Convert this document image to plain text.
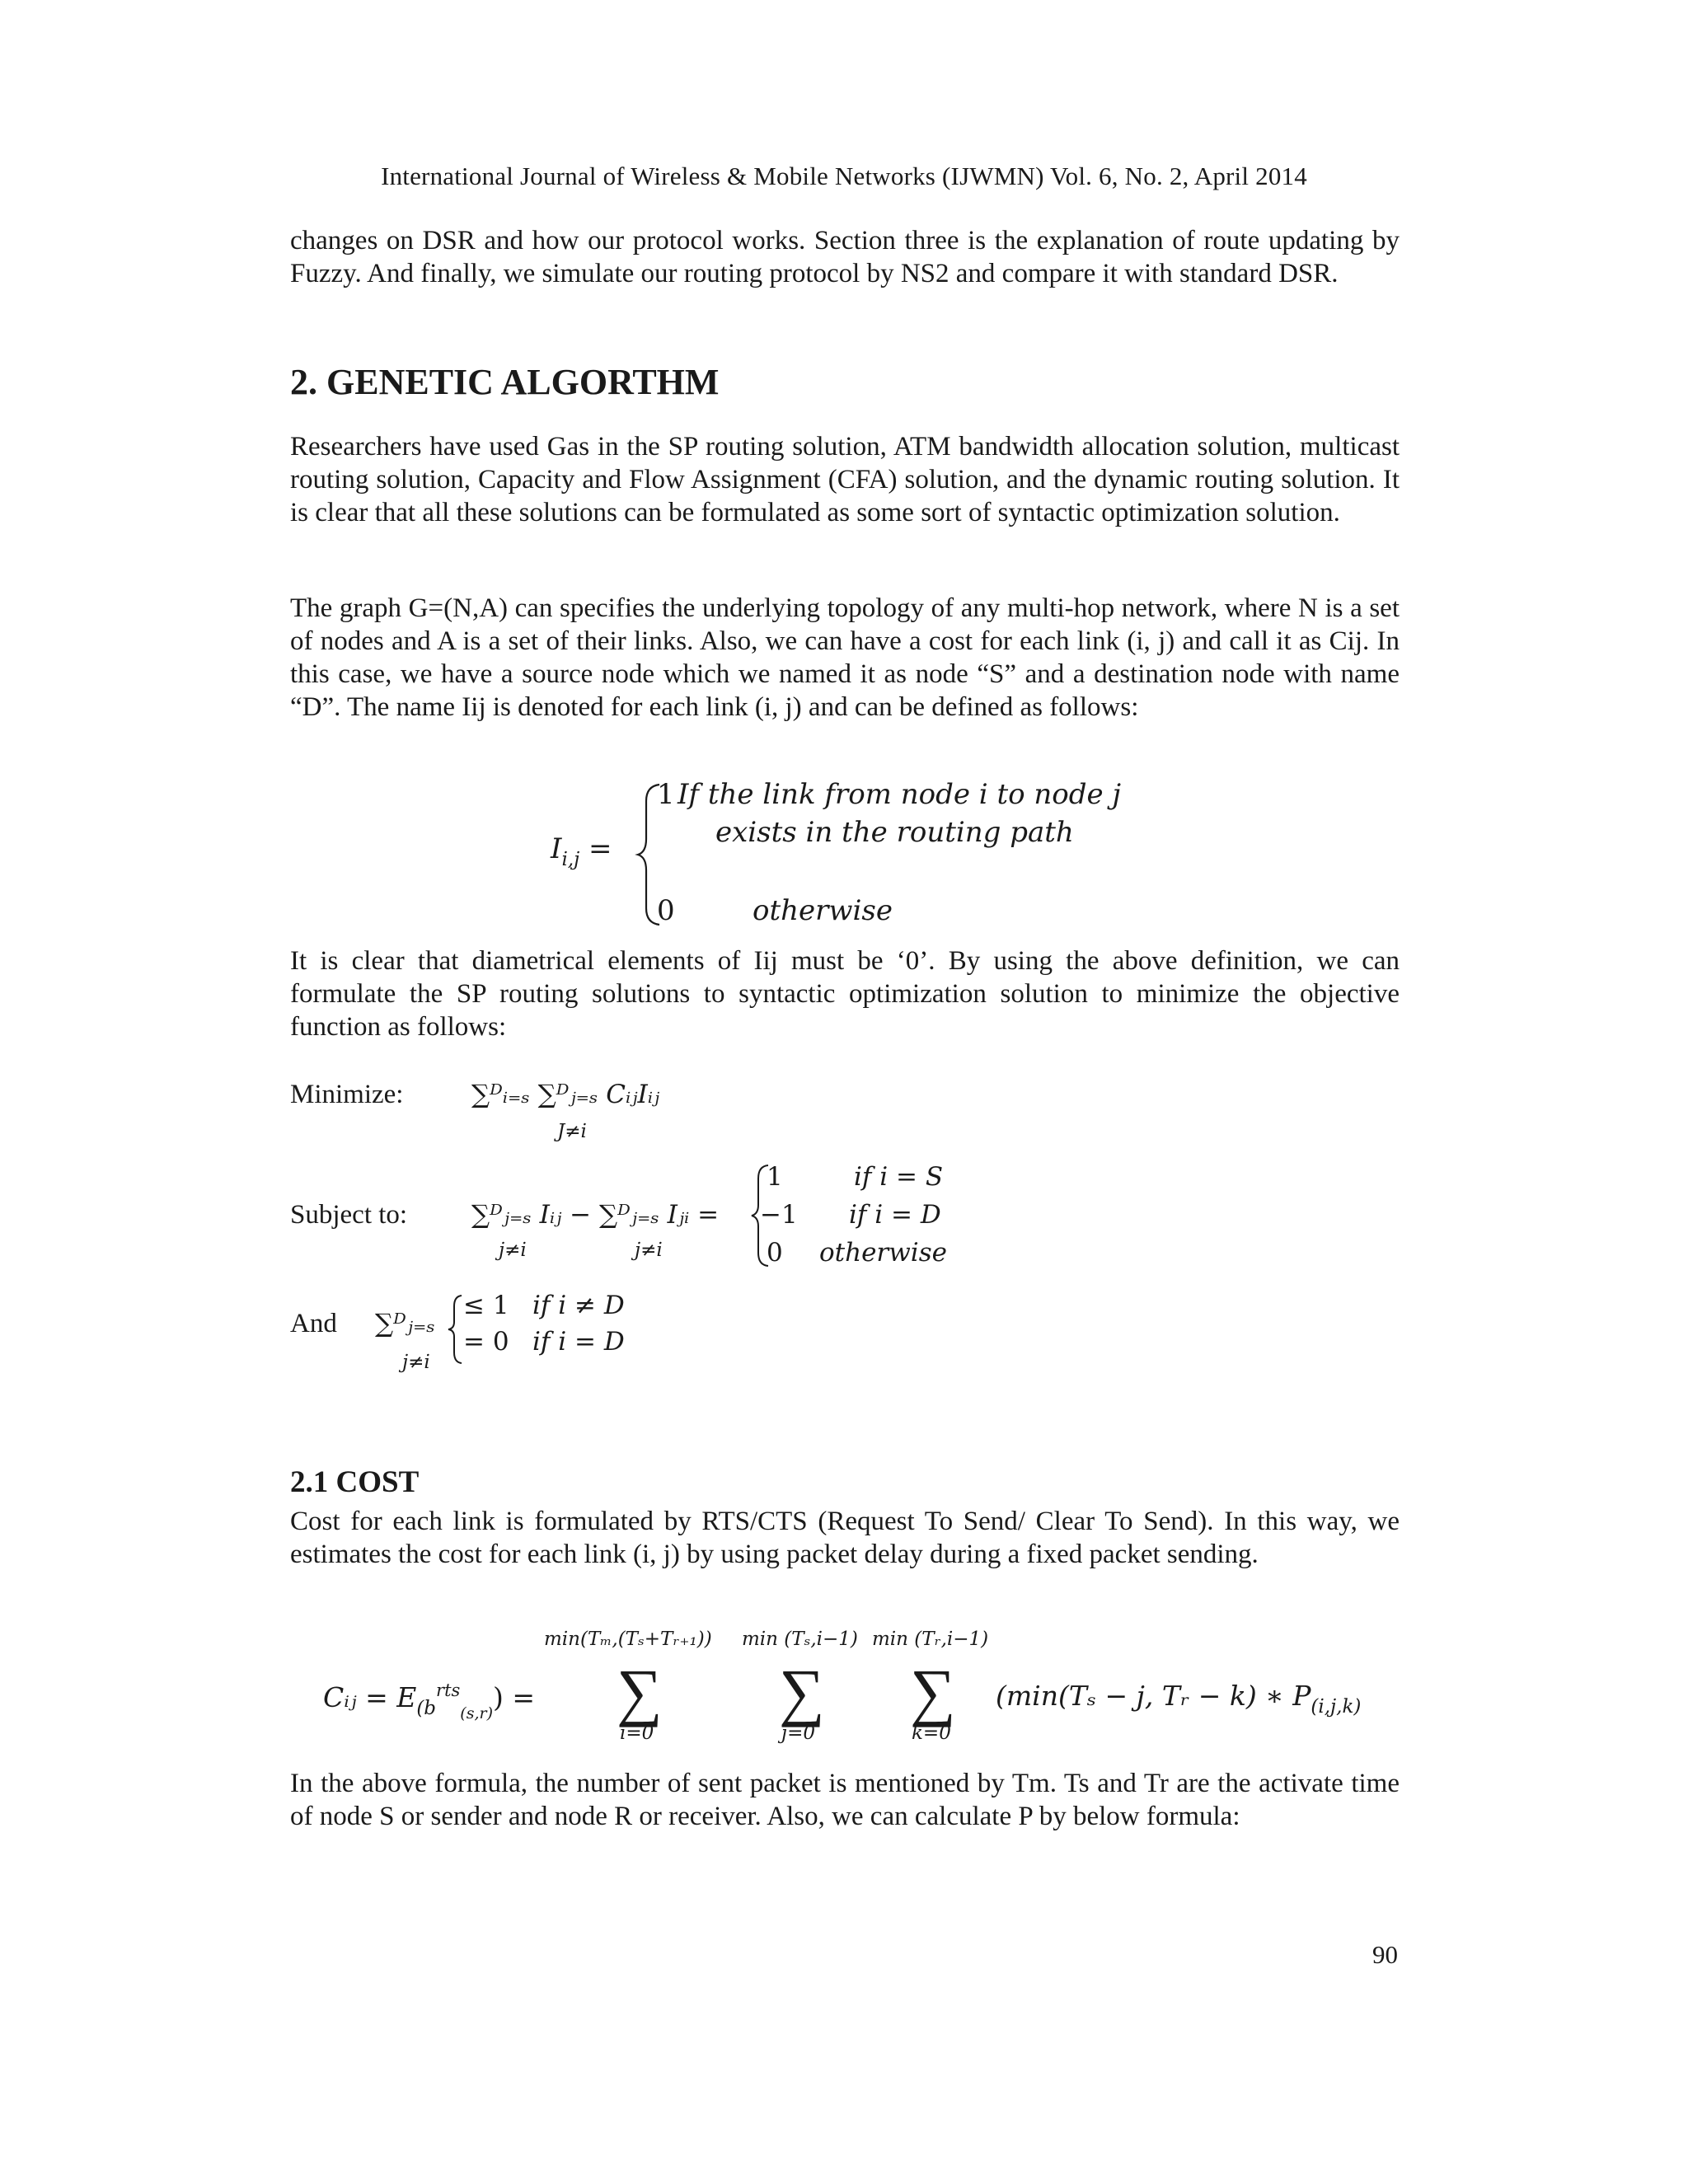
International Journal of Wireless & Mobile Networks (IJWMN) Vol. 6, No. 2, April 2014

changes on DSR and how our protocol works. Section three is the explanation of route updating by Fuzzy. And finally, we simulate our routing protocol by NS2 and compare it with standard DSR.

2. GENETIC ALGORTHM

Researchers have used Gas in the SP routing solution, ATM bandwidth allocation solution, multicast routing solution, Capacity and Flow Assignment (CFA) solution, and the dynamic routing solution. It is clear that all these solutions can be formulated as some sort of syntactic optimization solution.

The graph G=(N,A) can specifies the underlying topology of any multi-hop network, where N is a set of nodes and A is a set of their links. Also, we can have a cost for each link (i, j) and call it as Cij. In this case, we have a source node which we named it as node “S” and a destination node with name “D”. The name Iij is denoted for each link (i, j) and can be defined as follows:

$I_{i,j}$ =
1 If the link from node i to node j
exists in the routing path
0	otherwise

It is clear that diametrical elements of Iij must be ‘0’. By using the above definition, we can formulate the SP routing solutions to syntactic optimization solution to minimize the objective function as follows:

Minimize:	∑ᴰᵢ₌ₛ ∑ᴰⱼ₌ₛ CᵢⱼIᵢⱼ
J≠i
Subject to:	∑ᴰⱼ₌ₛ Iᵢⱼ − ∑ᴰⱼ₌ₛ Iⱼᵢ =
j≠i	j≠i
1	if i = S
−1 if i = D
0 otherwise
And ∑ᴰⱼ₌ₛ
j≠i
≤ 1 if i ≠ D
= 0 if i = D
2.1 COST

Cost for each link is formulated by RTS/CTS (Request To Send/ Clear To Send). In this way, we estimates the cost for each link (i, j) by using packet delay during a fixed packet sending.

Cᵢⱼ = $E_{(b}^{rts}_{(s,r)}$) =
min(Tₘ,(Tₛ+Tᵣ₊₁))
∑
i=0
min (Tₛ,i−1)
∑
j=0
min (Tᵣ,i−1)
∑
k=0
(min(Tₛ − j, Tᵣ − k) ∗ $P_{(i,j,k)}$

In the above formula, the number of sent packet is mentioned by Tm. Ts and Tr are the activate time of node S or sender and node R or receiver. Also, we can calculate P by below formula:

90
